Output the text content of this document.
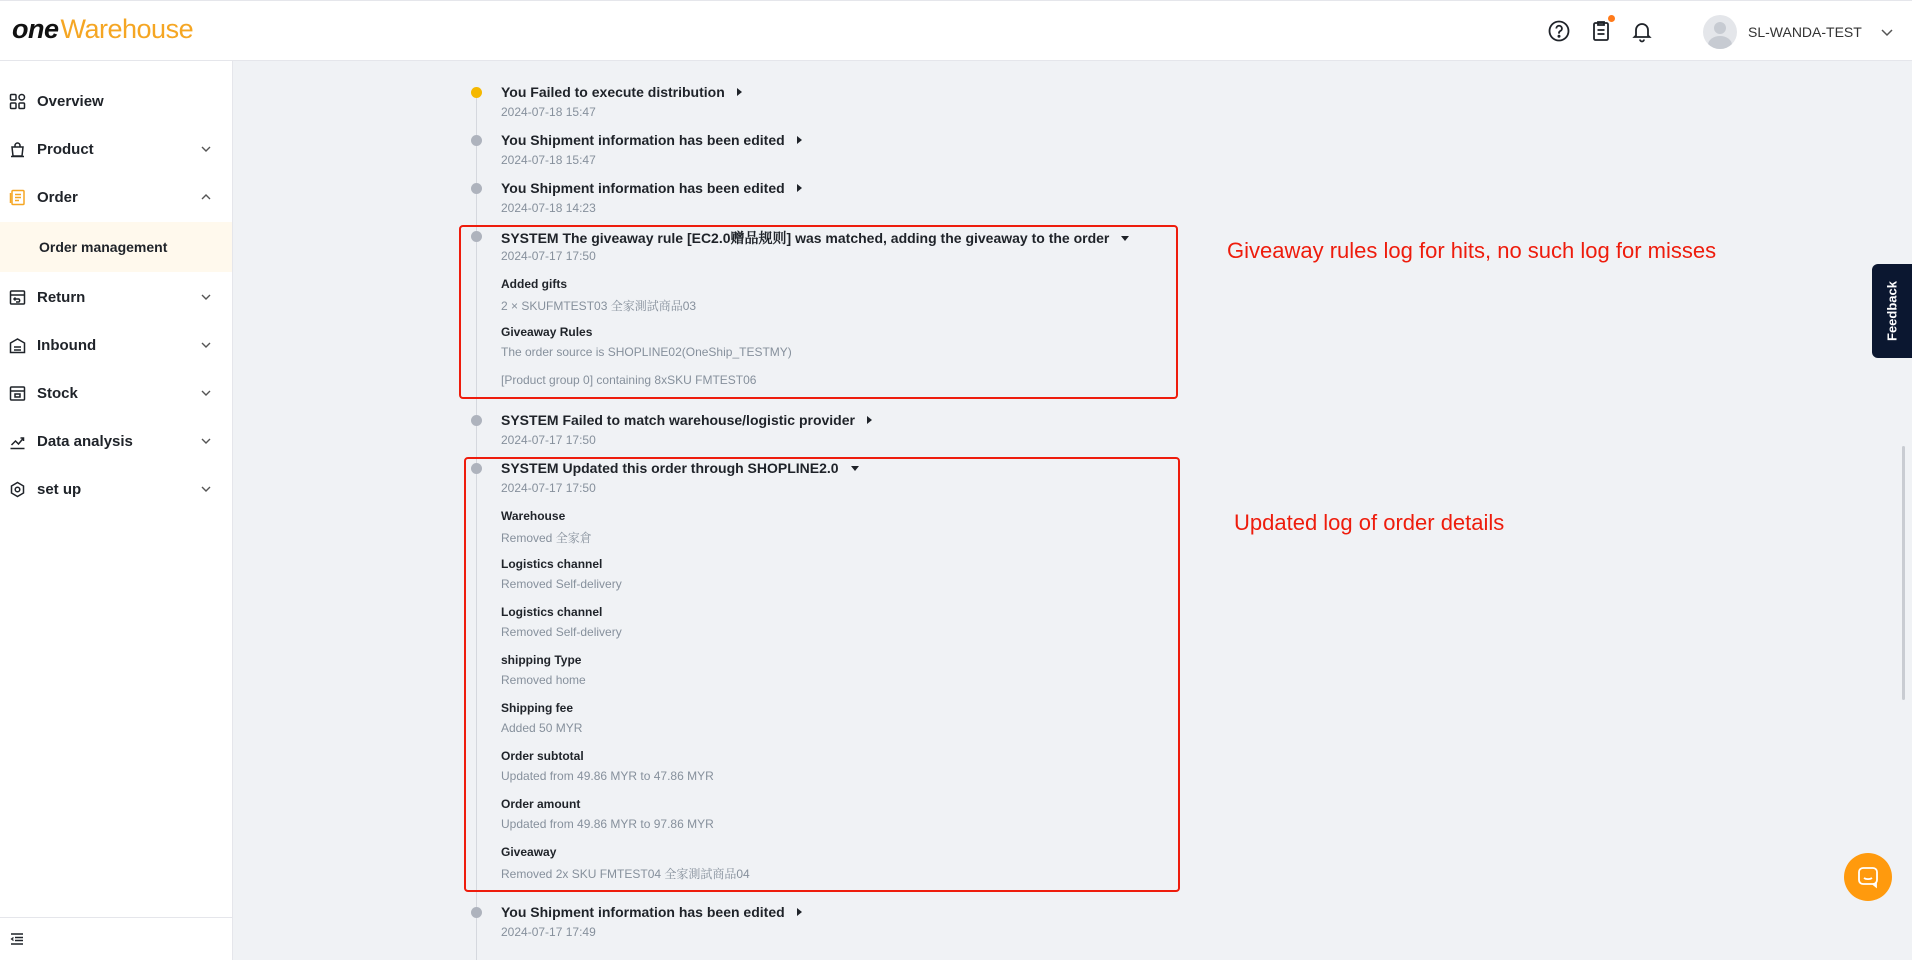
oneWarehouse	SL-WANDA-TEST
Overview
Product
Order
Order management
Return
Inbound
Stock
Data analysis
set up
You Failed to execute distribution
2024-07-18 15:47
You Shipment information has been edited
2024-07-18 15:47
You Shipment information has been edited
2024-07-18 14:23
SYSTEM The giveaway rule [EC2.0赠品规则] was matched, adding the giveaway to the order
2024-07-17 17:50
Added gifts
2 × SKUFMTEST03 全家測試商品03
Giveaway Rules
The order source is SHOPLINE02(OneShip_TESTMY)
[Product group 0] containing 8xSKU FMTEST06
SYSTEM Failed to match warehouse/logistic provider
2024-07-17 17:50
SYSTEM Updated this order through SHOPLINE2.0
2024-07-17 17:50
Warehouse
Removed 全家倉
Logistics channel
Removed Self-delivery
Logistics channel
Removed Self-delivery
shipping Type
Removed home
Shipping fee
Added 50 MYR
Order subtotal
Updated from 49.86 MYR to 47.86 MYR
Order amount
Updated from 49.86 MYR to 97.86 MYR
Giveaway
Removed 2x SKU FMTEST04 全家測試商品04
You Shipment information has been edited
2024-07-17 17:49
Giveaway rules log for hits, no such log for misses
Updated log of order details
Feedback
